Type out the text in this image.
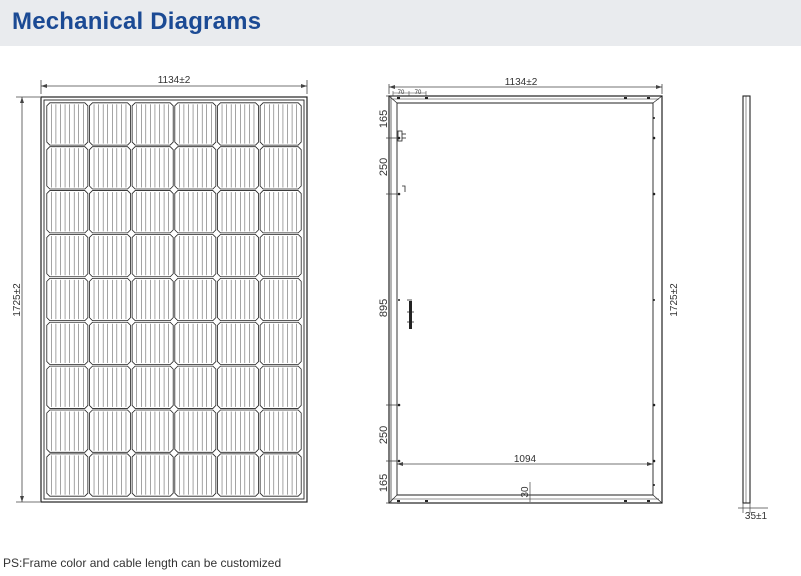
Mechanical Diagrams
1134±2
1725±2
1134±2
70 70
165
250
895
250
165
1094
30
1725±2
35±1
PS:Frame color and cable length can be customized
